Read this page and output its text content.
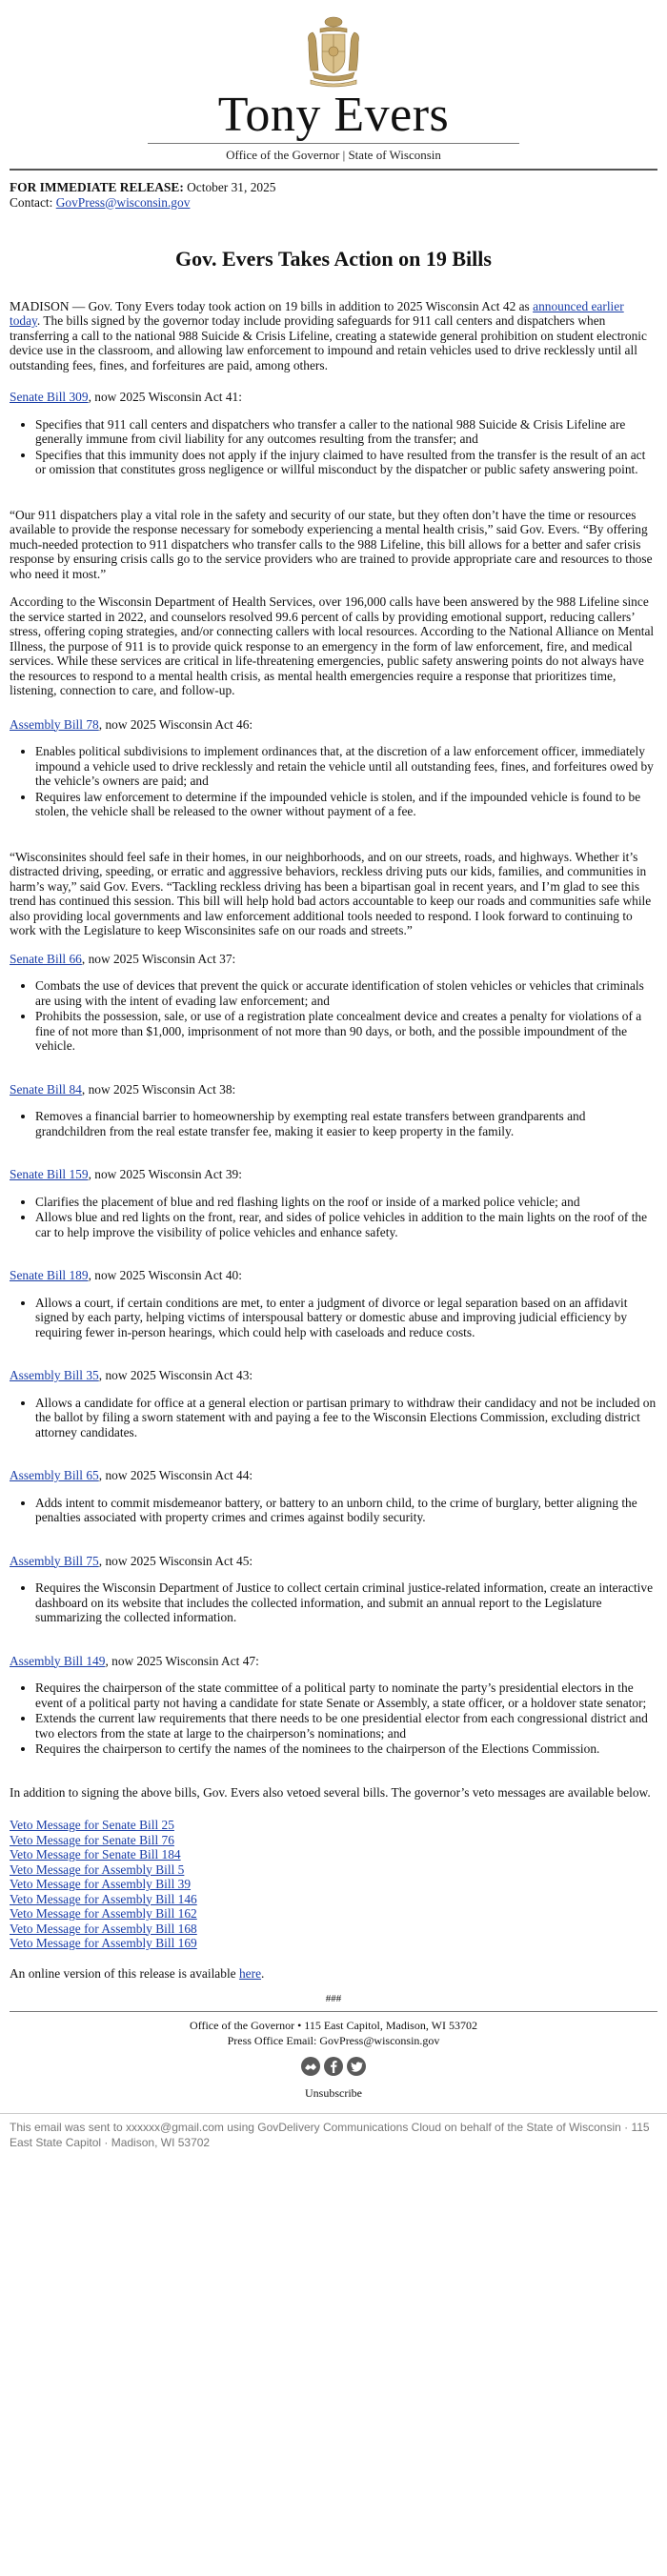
Tony Evers
Office of the Governor | State of Wisconsin

FOR IMMEDIATE RELEASE: October 31, 2025

Contact: GovPress@wisconsin.gov

Gov. Evers Takes Action on 19 Bills

MADISON — Gov. Tony Evers today took action on 19 bills in addition to 2025 Wisconsin Act 42 as announced earlier today. The bills signed by the governor today include providing safeguards for 911 call centers and dispatchers when transferring a call to the national 988 Suicide & Crisis Lifeline, creating a statewide general prohibition on student electronic device use in the classroom, and allowing law enforcement to impound and retain vehicles used to drive recklessly until all outstanding fees, fines, and forfeitures are paid, among others.

Senate Bill 309, now 2025 Wisconsin Act 41:

• Specifies that 911 call centers and dispatchers who transfer a caller to the national 988 Suicide & Crisis Lifeline are generally immune from civil liability for any outcomes resulting from the transfer; and
• Specifies that this immunity does not apply if the injury claimed to have resulted from the transfer is the result of an act or omission that constitutes gross negligence or willful misconduct by the dispatcher or public safety answering point.

“Our 911 dispatchers play a vital role in the safety and security of our state, but they often don’t have the time or resources available to provide the response necessary for somebody experiencing a mental health crisis,” said Gov. Evers. “By offering much-needed protection to 911 dispatchers who transfer calls to the 988 Lifeline, this bill allows for a better and safer crisis response by ensuring crisis calls go to the service providers who are trained to provide appropriate care and resources to those who need it most.”

According to the Wisconsin Department of Health Services, over 196,000 calls have been answered by the 988 Lifeline since the service started in 2022, and counselors resolved 99.6 percent of calls by providing emotional support, reducing callers’ stress, offering coping strategies, and/or connecting callers with local resources. According to the National Alliance on Mental Illness, the purpose of 911 is to provide quick response to an emergency in the form of law enforcement, fire, and medical services. While these services are critical in life-threatening emergencies, public safety answering points do not always have the resources to respond to a mental health crisis, as mental health emergencies require a response that prioritizes time, listening, connection to care, and follow-up.

Assembly Bill 78, now 2025 Wisconsin Act 46:

• Enables political subdivisions to implement ordinances that, at the discretion of a law enforcement officer, immediately impound a vehicle used to drive recklessly and retain the vehicle until all outstanding fees, fines, and forfeitures owed by the vehicle’s owners are paid; and
• Requires law enforcement to determine if the impounded vehicle is stolen, and if the impounded vehicle is found to be stolen, the vehicle shall be released to the owner without payment of a fee.

“Wisconsinites should feel safe in their homes, in our neighborhoods, and on our streets, roads, and highways. Whether it’s distracted driving, speeding, or erratic and aggressive behaviors, reckless driving puts our kids, families, and communities in harm’s way,” said Gov. Evers. “Tackling reckless driving has been a bipartisan goal in recent years, and I’m glad to see this trend has continued this session. This bill will help hold bad actors accountable to keep our roads and communities safe while also providing local governments and law enforcement additional tools needed to respond. I look forward to continuing to work with the Legislature to keep Wisconsinites safe on our roads and streets.”

Senate Bill 66, now 2025 Wisconsin Act 37:

• Combats the use of devices that prevent the quick or accurate identification of stolen vehicles or vehicles that criminals are using with the intent of evading law enforcement; and
• Prohibits the possession, sale, or use of a registration plate concealment device and creates a penalty for violations of a fine of not more than $1,000, imprisonment of not more than 90 days, or both, and the possible impoundment of the vehicle.

Senate Bill 84, now 2025 Wisconsin Act 38:

• Removes a financial barrier to homeownership by exempting real estate transfers between grandparents and grandchildren from the real estate transfer fee, making it easier to keep property in the family.

Senate Bill 159, now 2025 Wisconsin Act 39:

• Clarifies the placement of blue and red flashing lights on the roof or inside of a marked police vehicle; and
• Allows blue and red lights on the front, rear, and sides of police vehicles in addition to the main lights on the roof of the car to help improve the visibility of police vehicles and enhance safety.

Senate Bill 189, now 2025 Wisconsin Act 40:

• Allows a court, if certain conditions are met, to enter a judgment of divorce or legal separation based on an affidavit signed by each party, helping victims of interspousal battery or domestic abuse and improving judicial efficiency by requiring fewer in-person hearings, which could help with caseloads and reduce costs.

Assembly Bill 35, now 2025 Wisconsin Act 43:

• Allows a candidate for office at a general election or partisan primary to withdraw their candidacy and not be included on the ballot by filing a sworn statement with and paying a fee to the Wisconsin Elections Commission, excluding district attorney candidates.

Assembly Bill 65, now 2025 Wisconsin Act 44:

• Adds intent to commit misdemeanor battery, or battery to an unborn child, to the crime of burglary, better aligning the penalties associated with property crimes and crimes against bodily security.

Assembly Bill 75, now 2025 Wisconsin Act 45:

• Requires the Wisconsin Department of Justice to collect certain criminal justice-related information, create an interactive dashboard on its website that includes the collected information, and submit an annual report to the Legislature summarizing the collected information.

Assembly Bill 149, now 2025 Wisconsin Act 47:

• Requires the chairperson of the state committee of a political party to nominate the party’s presidential electors in the event of a political party not having a candidate for state Senate or Assembly, a state officer, or a holdover state senator;
• Extends the current law requirements that there needs to be one presidential elector from each congressional district and two electors from the state at large to the chairperson’s nominations; and
• Requires the chairperson to certify the names of the nominees to the chairperson of the Elections Commission.

In addition to signing the above bills, Gov. Evers also vetoed several bills. The governor’s veto messages are available below.

Veto Message for Senate Bill 25
Veto Message for Senate Bill 76
Veto Message for Senate Bill 184
Veto Message for Assembly Bill 5
Veto Message for Assembly Bill 39
Veto Message for Assembly Bill 146
Veto Message for Assembly Bill 162
Veto Message for Assembly Bill 168
Veto Message for Assembly Bill 169

An online version of this release is available here.

###
Office of the Governor • 115 East Capitol, Madison, WI 53702
Press Office Email: GovPress@wisconsin.gov
Unsubscribe
This email was sent to xxxxxx@gmail.com using GovDelivery Communications Cloud on behalf of the State of Wisconsin · 115 East State Capitol · Madison, WI 53702
